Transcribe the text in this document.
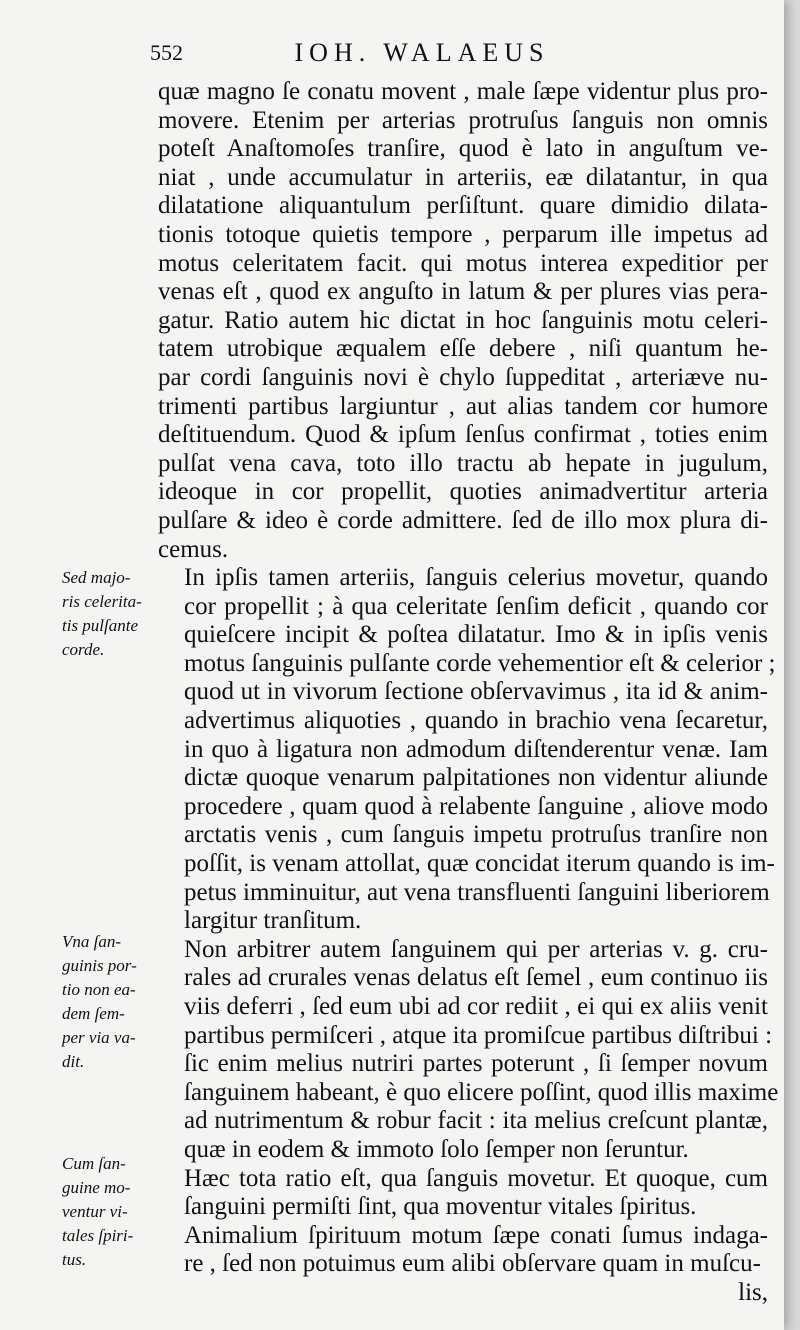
552	IOH. WALAEUS

quæ magno ſe conatu movent , male ſæpe videntur plus pro-
movere. Etenim per arterias protruſus ſanguis non omnis
poteſt Anaſtomoſes tranſire, quod è lato in anguſtum ve-
niat , unde accumulatur in arteriis, eæ dilatantur, in qua
dilatatione aliquantulum perſiſtunt. quare dimidio dilata-
tionis totoque quietis tempore , perparum ille impetus ad
motus celeritatem facit. qui motus interea expeditior per
venas eſt , quod ex anguſto in latum & per plures vias pera-
gatur. Ratio autem hic dictat in hoc ſanguinis motu celeri-
tatem utrobique æqualem eſſe debere , niſi quantum he-
par cordi ſanguinis novi è chylo ſuppeditat , arteriæve nu-
trimenti partibus largiuntur , aut alias tandem cor humore
deſtituendum. Quod & ipſum ſenſus confirmat , toties enim
pulſat vena cava, toto illo tractu ab hepate in jugulum,
ideoque in cor propellit, quoties animadvertitur arteria
pulſare & ideo è corde admittere. ſed de illo mox plura di-
cemus.

In ipſis tamen arteriis, ſanguis celerius movetur, quando
cor propellit ; à qua celeritate ſenſim deficit , quando cor
quieſcere incipit & poſtea dilatatur. Imo & in ipſis venis
motus ſanguinis pulſante corde vehementior eſt & celerior ;
quod ut in vivorum ſectione obſervavimus , ita id & anim-
advertimus aliquoties , quando in brachio vena ſecaretur,
in quo à ligatura non admodum diſtenderentur venæ. Iam
dictæ quoque venarum palpitationes non videntur aliunde
procedere , quam quod à relabente ſanguine , aliove modo
arctatis venis , cum ſanguis impetu protruſus tranſire non
poſſit, is venam attollat, quæ concidat iterum quando is im-
petus imminuitur, aut vena transfluenti ſanguini liberiorem
largitur tranſitum.

Non arbitrer autem ſanguinem qui per arterias v. g. cru-
rales ad crurales venas delatus eſt ſemel , eum continuo iis
viis deferri , ſed eum ubi ad cor rediit , ei qui ex aliis venit
partibus permiſceri , atque ita promiſcue partibus diſtribui :
ſic enim melius nutriri partes poterunt , ſi ſemper novum
ſanguinem habeant, è quo elicere poſſint, quod illis maxime
ad nutrimentum & robur facit : ita melius creſcunt plantæ,
quæ in eodem & immoto ſolo ſemper non ſeruntur.

Hæc tota ratio eſt, qua ſanguis movetur. Et quoque, cum
ſanguini permiſti ſint, qua moventur vitales ſpiritus.

Animalium ſpirituum motum ſæpe conati ſumus indaga-
re , ſed non potuimus eum alibi obſervare quam in muſcu-

lis,
Sed majo-
ris celerita-
tis pulſante
corde.
Vna ſan-
guinis por-
tio non ea-
dem ſem-
per via va-
dit.
Cum ſan-
guine mo-
ventur vi-
tales ſpiri-
tus.
